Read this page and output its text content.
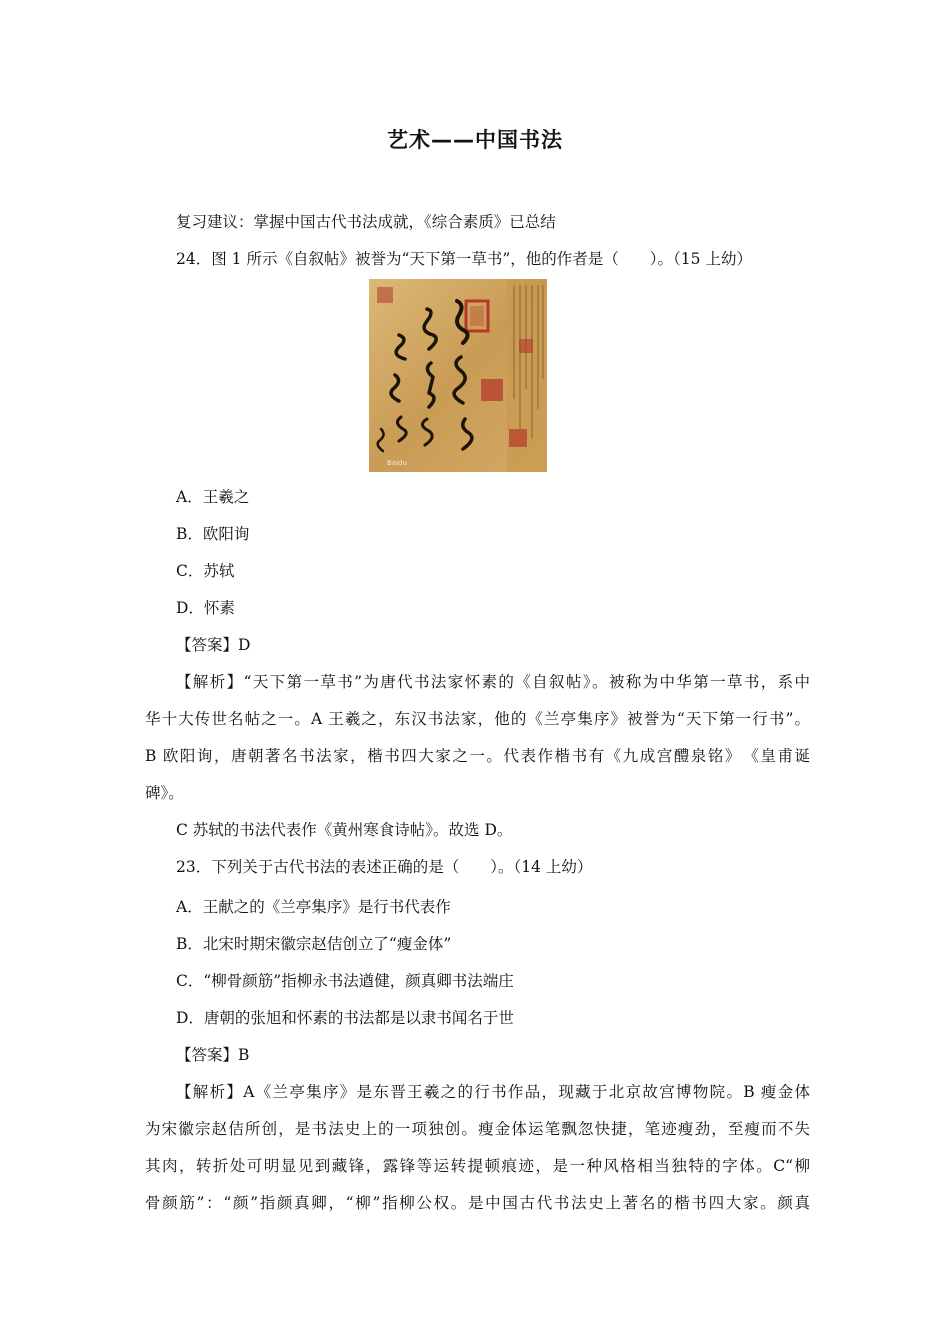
艺术——中国书法
复习建议：掌握中国古代书法成就，《综合素质》已总结
24．图 1 所示《自叙帖》被誉为“天下第一草书”，他的作者是（　　）。（15 上幼）
Baidu
A．王羲之
B．欧阳询
C．苏轼
D．怀素
【答案】D
【解析】“天下第一草书”为唐代书法家怀素的《自叙帖》。被称为中华第一草书，系中
华十大传世名帖之一。A 王羲之，东汉书法家，他的《兰亭集序》被誉为“天下第一行书”。
B 欧阳询，唐朝著名书法家，楷书四大家之一。代表作楷书有《九成宫醴泉铭》　《皇甫诞
碑》。
C 苏轼的书法代表作《黄州寒食诗帖》。故选 D。
23．下列关于古代书法的表述正确的是（　　）。（14 上幼）
A．王献之的《兰亭集序》是行书代表作
B．北宋时期宋徽宗赵佶创立了“瘦金体”
C．“柳骨颜筋”指柳永书法遒健，颜真卿书法端庄
D．唐朝的张旭和怀素的书法都是以隶书闻名于世
【答案】B
【解析】A《兰亭集序》是东晋王羲之的行书作品，现藏于北京故宫博物院。B 瘦金体
为宋徽宗赵佶所创，是书法史上的一项独创。瘦金体运笔飘忽快捷，笔迹瘦劲，至瘦而不失
其肉，转折处可明显见到藏锋，露锋等运转提顿痕迹，是一种风格相当独特的字体。C“柳
骨颜筋”：“颜”指颜真卿，“柳”指柳公权。是中国古代书法史上著名的楷书四大家。颜真
